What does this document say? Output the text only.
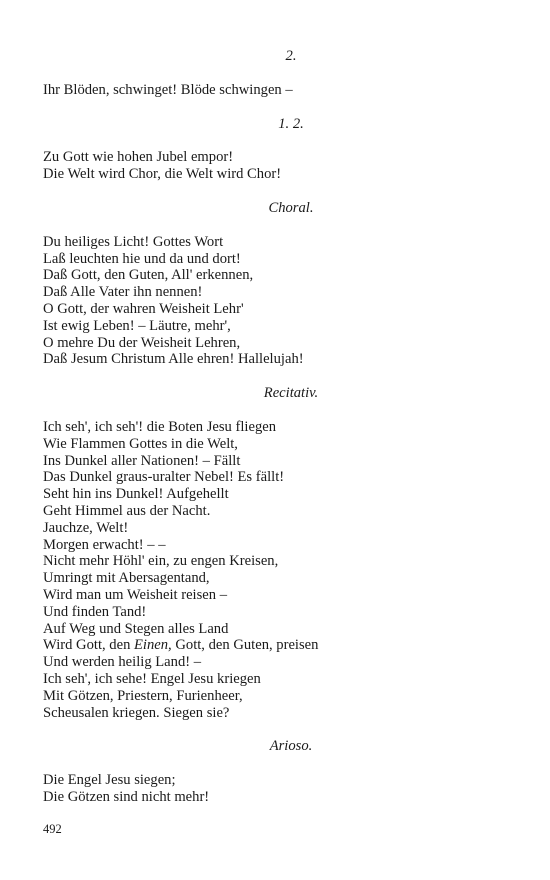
2.
Ihr Blöden, schwinget! Blöde schwingen –
1. 2.
Zu Gott wie hohen Jubel empor!
Die Welt wird Chor, die Welt wird Chor!
Choral.
Du heiliges Licht! Gottes Wort
Laß leuchten hie und da und dort!
Daß Gott, den Guten, All' erkennen,
Daß Alle Vater ihn nennen!
O Gott, der wahren Weisheit Lehr'
Ist ewig Leben! – Läutre, mehr',
O mehre Du der Weisheit Lehren,
Daß Jesum Christum Alle ehren! Hallelujah!
Recitativ.
Ich seh', ich seh'! die Boten Jesu fliegen
Wie Flammen Gottes in die Welt,
Ins Dunkel aller Nationen! – Fällt
Das Dunkel graus-uralter Nebel! Es fällt!
Seht hin ins Dunkel! Aufgehellt
Geht Himmel aus der Nacht.
Jauchze, Welt!
Morgen erwacht! – –
Nicht mehr Höhl' ein, zu engen Kreisen,
Umringt mit Abersagentand,
Wird man um Weisheit reisen –
Und finden Tand!
Auf Weg und Stegen alles Land
Wird Gott, den Einen, Gott, den Guten, preisen
Und werden heilig Land! –
Ich seh', ich sehe! Engel Jesu kriegen
Mit Götzen, Priestern, Furienheer,
Scheusalen kriegen. Siegen sie?
Arioso.
Die Engel Jesu siegen;
Die Götzen sind nicht mehr!
492
